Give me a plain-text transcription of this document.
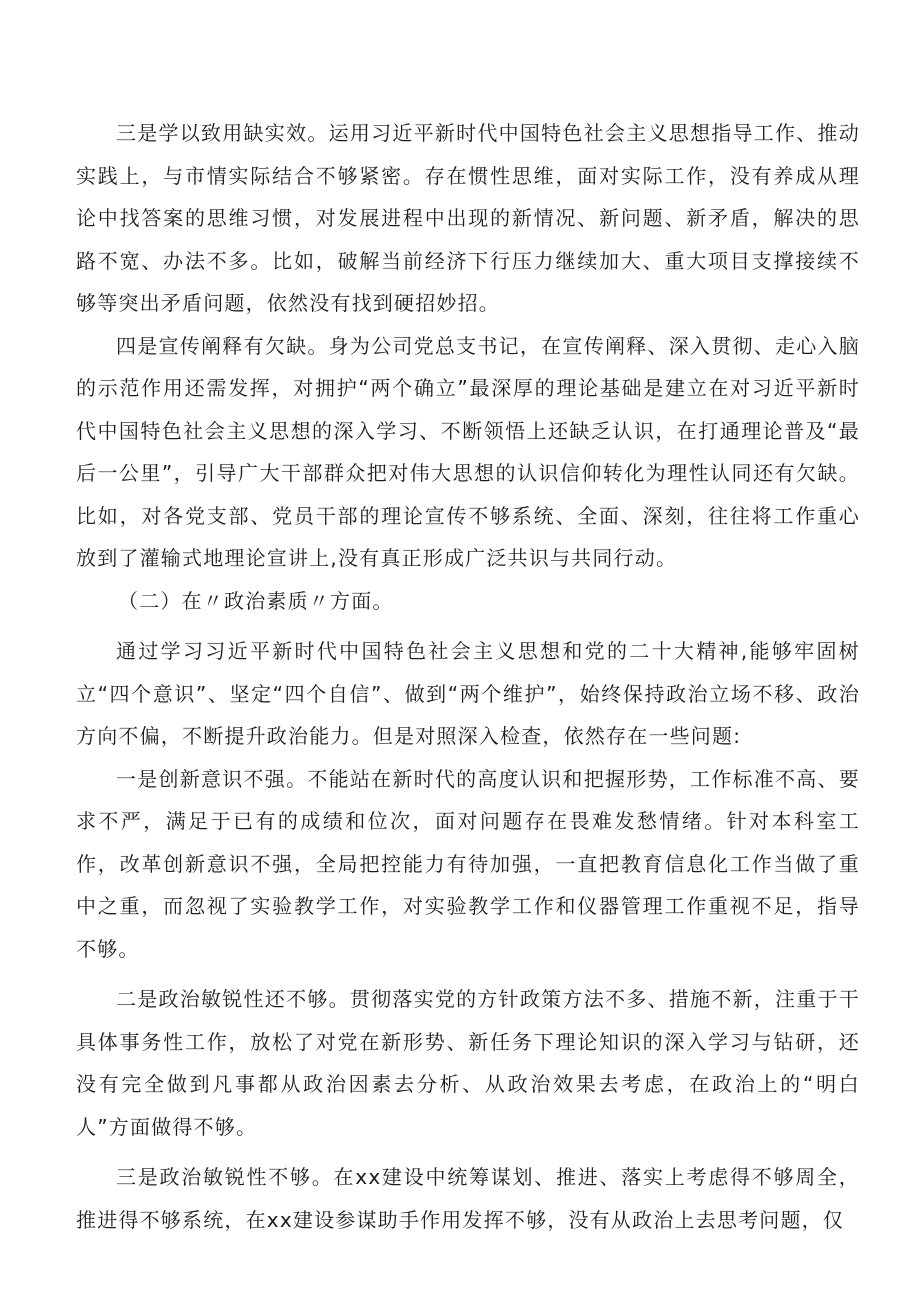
三是学以致用缺实效。运用习近平新时代中国特色社会主义思想指导工作、推动实践上，与市情实际结合不够紧密。存在惯性思维，面对实际工作，没有养成从理论中找答案的思维习惯，对发展进程中出现的新情况、新问题、新矛盾，解决的思路不宽、办法不多。比如，破解当前经济下行压力继续加大、重大项目支撑接续不够等突出矛盾问题，依然没有找到硬招妙招。

四是宣传阐释有欠缺。身为公司党总支书记，在宣传阐释、深入贯彻、走心入脑的示范作用还需发挥，对拥护“两个确立”最深厚的理论基础是建立在对习近平新时代中国特色社会主义思想的深入学习、不断领悟上还缺乏认识，在打通理论普及“最后一公里”，引导广大干部群众把对伟大思想的认识信仰转化为理性认同还有欠缺。比如，对各党支部、党员干部的理论宣传不够系统、全面、深刻，往往将工作重心放到了灌输式地理论宣讲上,没有真正形成广泛共识与共同行动。

（二）在〃政治素质〃方面。

通过学习习近平新时代中国特色社会主义思想和党的二十大精神,能够牢固树立“四个意识”、坚定“四个自信”、做到“两个维护”，始终保持政治立场不移、政治方向不偏，不断提升政治能力。但是对照深入检查，依然存在一些问题:

一是创新意识不强。不能站在新时代的高度认识和把握形势，工作标准不高、要求不严，满足于已有的成绩和位次，面对问题存在畏难发愁情绪。针对本科室工作，改革创新意识不强，全局把控能力有待加强，一直把教育信息化工作当做了重中之重，而忽视了实验教学工作，对实验教学工作和仪器管理工作重视不足，指导不够。

二是政治敏锐性还不够。贯彻落实党的方针政策方法不多、措施不新，注重于干具体事务性工作，放松了对党在新形势、新任务下理论知识的深入学习与钻研，还没有完全做到凡事都从政治因素去分析、从政治效果去考虑，在政治上的“明白人”方面做得不够。

三是政治敏锐性不够。在xx建设中统筹谋划、推进、落实上考虑得不够周全，推进得不够系统，在xx建设参谋助手作用发挥不够，没有从政治上去思考问题，仅
